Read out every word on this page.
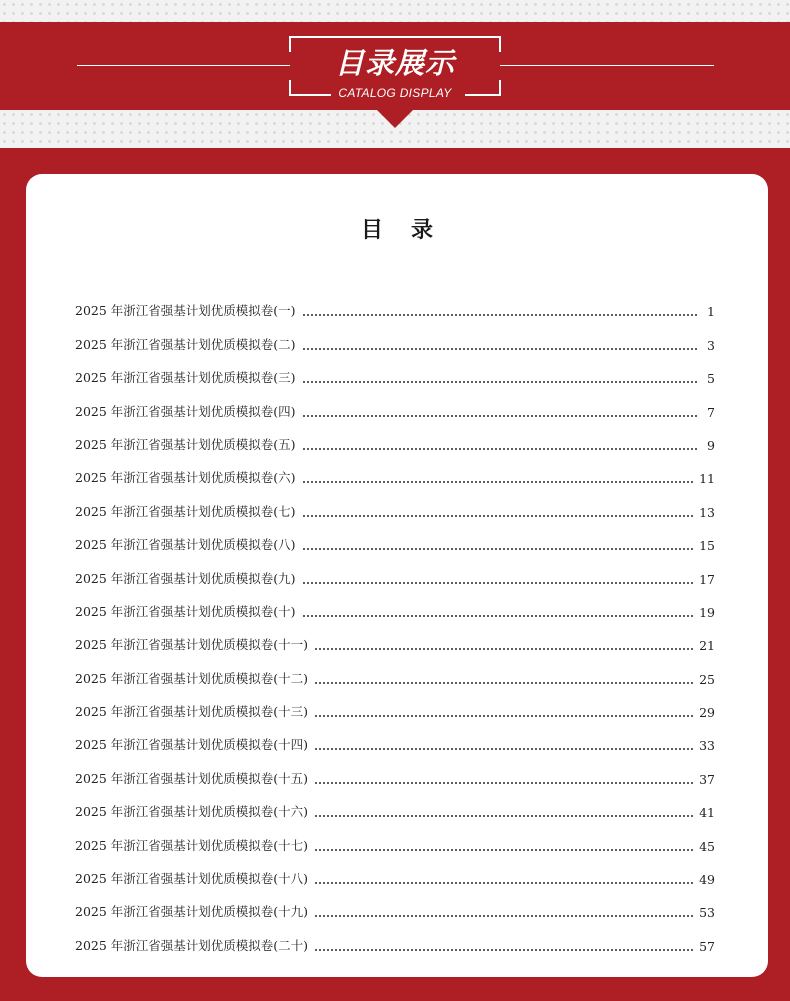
目录展示
CATALOG DISPLAY
目录
2025 年浙江省强基计划优质模拟卷(一)	1
2025 年浙江省强基计划优质模拟卷(二)	3
2025 年浙江省强基计划优质模拟卷(三)	5
2025 年浙江省强基计划优质模拟卷(四)	7
2025 年浙江省强基计划优质模拟卷(五)	9
2025 年浙江省强基计划优质模拟卷(六)	11
2025 年浙江省强基计划优质模拟卷(七)	13
2025 年浙江省强基计划优质模拟卷(八)	15
2025 年浙江省强基计划优质模拟卷(九)	17
2025 年浙江省强基计划优质模拟卷(十)	19
2025 年浙江省强基计划优质模拟卷(十一)	21
2025 年浙江省强基计划优质模拟卷(十二)	25
2025 年浙江省强基计划优质模拟卷(十三)	29
2025 年浙江省强基计划优质模拟卷(十四)	33
2025 年浙江省强基计划优质模拟卷(十五)	37
2025 年浙江省强基计划优质模拟卷(十六)	41
2025 年浙江省强基计划优质模拟卷(十七)	45
2025 年浙江省强基计划优质模拟卷(十八)	49
2025 年浙江省强基计划优质模拟卷(十九)	53
2025 年浙江省强基计划优质模拟卷(二十)	57
